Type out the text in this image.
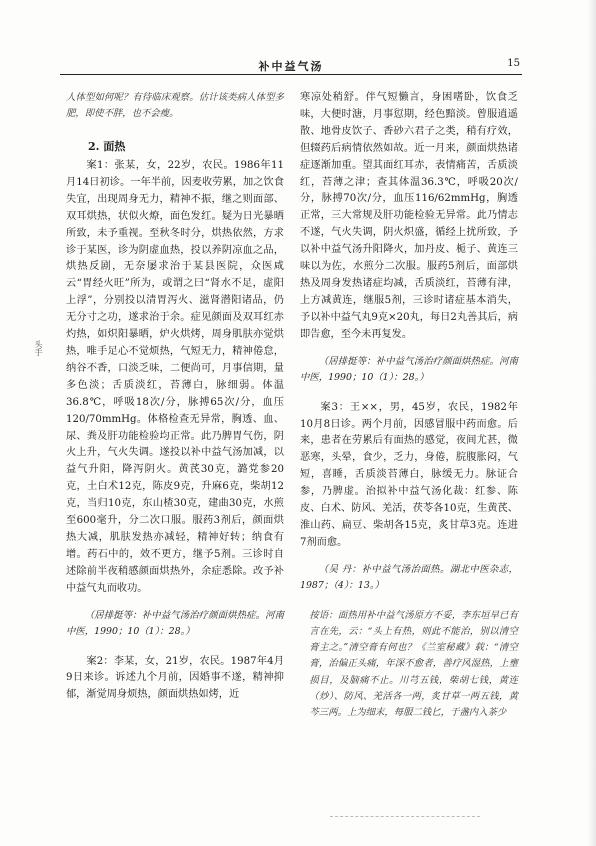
补中益气汤	15
头手

人体型如何呢？有待临床观察。估计该类病人体型多肥，即使不胖，也不会瘦。

2. 面热

案1：张某，女，22岁，农民。1986年11月14日初诊。一年半前，因麦收劳累，加之饮食失宜，出现周身无力，精神不振，继之则面部、双耳烘热，状似火燎，面色发红。疑为日光暴晒所致，未予重视。至秋冬时分，烘热依然，方求诊于某医，诊为阴虚血热，投以养阴凉血之品，烘热反剧，无奈屡求治于某县医院，众医咸云“胃经火旺”所为，或谓之曰“肾水不足，虚阳上浮”，分别投以清胃泻火、滋肾潜阳诸品，仍无分寸之功，遂求治于余。症见颜面及双耳红赤灼热，如炽阳暴晒，炉火烘烤，周身肌肤亦觉烘热，唯手足心不觉烦热，气短无力，精神倦怠，纳谷不香，口淡乏味，二便尚可，月事信期，量多色淡；舌质淡红，苔薄白，脉细弱。体温36.8℃，呼吸18次/分，脉搏65次/分，血压120/70mmHg。体格检查无异常，胸透、血、尿、粪及肝功能检验均正常。此乃脾胃气伤，阴火上升，气火失调。遂投以补中益气汤加减，以益气升阳，降泻阴火。黄芪30克，潞党参20克，土白术12克，陈皮9克，升麻6克，柴胡12克，当归10克，东山楂30克，建曲30克，水煎至600毫升，分二次口服。服药3剂后，颜面烘热大减，肌肤发热亦减轻，精神好转；纳食有增。药石中的，效不更方，继予5剂。三诊时自述除前半夜稍感颜面烘热外，余症悉除。改予补中益气丸而收功。

（居排挺等：补中益气汤治疗颜面烘热症。河南中医，1990；10（1）：28。）

案2：李某，女，21岁，农民。1987年4月9日来诊。诉述九个月前，因婚事不遂，精神抑郁，渐觉周身烦热，颜面烘热如烤，近

寒凉处稍舒。伴气短懒言，身困嗜卧，饮食乏味，大便时溏，月事愆期，经色黯淡。曾服逍遥散、地骨皮饮子、香砂六君子之类，稍有疗效，但辍药后病情依然如故。近一月来，颜面烘热诸症逐渐加重。望其面红耳赤，表情痛苦，舌质淡红，苔薄之津；查其体温36.3℃，呼吸20次/分，脉搏70次/分，血压116/62mmHg，胸透正常，三大常规及肝功能检验无异常。此乃情志不遂，气火失调，阴火炽盛，循经上扰所致，予以补中益气汤升阳降火，加丹皮、栀子、黄连三味以为佐，水煎分二次服。服药5剂后，面部烘热及周身发热诸症均减，舌质淡红，苔薄有津，上方减黄连，继服5剂，三诊时诸症基本消失，予以补中益气丸9克×20丸，每日2丸善其后，病即告愈，至今未再复发。

（居排挺等：补中益气汤治疗颜面烘热症。河南中医，1990；10（1）：28。）

案3：王××，男，45岁，农民，1982年10月8日诊。两个月前，因感冒服中药而愈。后来，患者在劳累后有面热的感觉，夜间尤甚，微恶寒，头晕，食少，乏力，身倦，脘腹胀闷，气短，喜睡，舌质淡苔薄白，脉缓无力。脉证合参，乃脾虚。治拟补中益气汤化裁：红参、陈皮、白术、防风、羌活，茯苓各10克，生黄芪、淮山药、扁豆、柴胡各15克，炙甘草3克。连进7剂而愈。

（吴 丹：补中益气汤治面热。湖北中医杂志，1987；（4）：13。）

按语：面热用补中益气汤原方不妥，李东垣早已有言在先，云：“头上有热，则此不能治，别以清空膏主之。”清空膏有何也？《兰室秘藏》载：“清空膏，治偏正头痛，年深不愈者，善疗风湿热，上壅损目，及脑痛不止。川芎五钱，柴胡七钱，黄连（炒）、防风、羌活各一两，炙甘草一两五钱，黄芩三两。上为细末，每服二钱匕，于盏内入茶少
